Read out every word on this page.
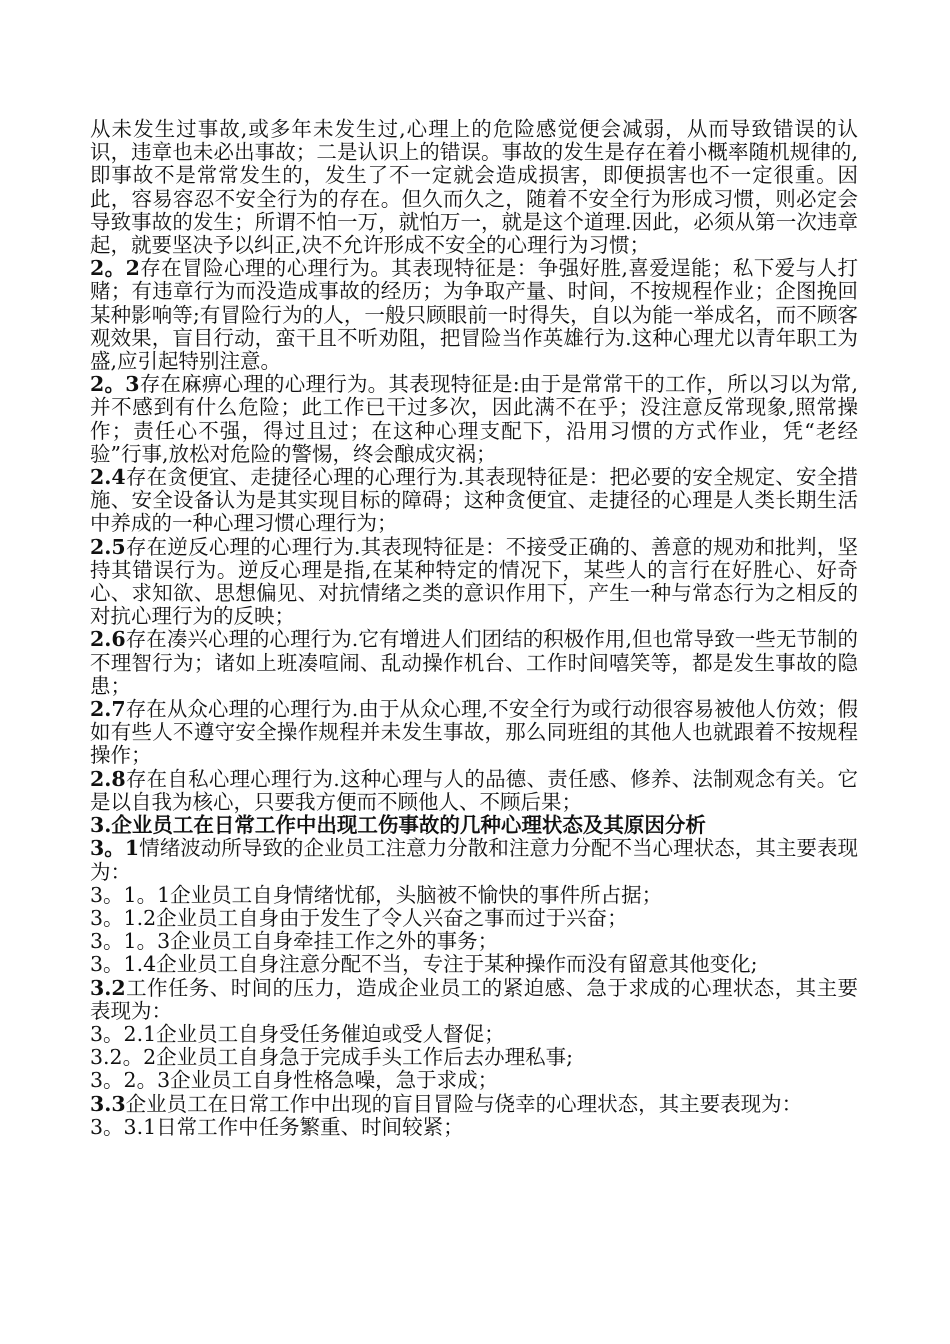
从未发生过事故,或多年未发生过,心理上的危险感觉便会减弱，从而导致错误的认识，违章也未必出事故；二是认识上的错误。事故的发生是存在着小概率随机规律的,即事故不是常常发生的，发生了不一定就会造成损害，即便损害也不一定很重。因此，容易容忍不安全行为的存在。但久而久之，随着不安全行为形成习惯，则必定会导致事故的发生；所谓不怕一万，就怕万一，就是这个道理.因此，必须从第一次违章起，就要坚决予以纠正,决不允许形成不安全的心理行为习惯；

2。2存在冒险心理的心理行为。其表现特征是：争强好胜,喜爱逞能；私下爱与人打赌；有违章行为而没造成事故的经历；为争取产量、时间，不按规程作业；企图挽回某种影响等;有冒险行为的人，一般只顾眼前一时得失，自以为能一举成名，而不顾客观效果，盲目行动，蛮干且不听劝阻，把冒险当作英雄行为.这种心理尤以青年职工为盛,应引起特别注意。

2。3存在麻痹心理的心理行为。其表现特征是:由于是常常干的工作，所以习以为常,并不感到有什么危险；此工作已干过多次，因此满不在乎；没注意反常现象,照常操作；责任心不强，得过且过；在这种心理支配下，沿用习惯的方式作业，凭“老经验”行事,放松对危险的警惕，终会酿成灾祸；

2.4存在贪便宜、走捷径心理的心理行为.其表现特征是：把必要的安全规定、安全措施、安全设备认为是其实现目标的障碍；这种贪便宜、走捷径的心理是人类长期生活中养成的一种心理习惯心理行为；

2.5存在逆反心理的心理行为.其表现特征是：不接受正确的、善意的规劝和批判，坚持其错误行为。逆反心理是指,在某种特定的情况下，某些人的言行在好胜心、好奇心、求知欲、思想偏见、对抗情绪之类的意识作用下，产生一种与常态行为之相反的对抗心理行为的反映；

2.6存在凑兴心理的心理行为.它有增进人们团结的积极作用,但也常导致一些无节制的不理智行为；诸如上班凑喧闹、乱动操作机台、工作时间嘻笑等，都是发生事故的隐患；

2.7存在从众心理的心理行为.由于从众心理,不安全行为或行动很容易被他人仿效；假如有些人不遵守安全操作规程并未发生事故，那么同班组的其他人也就跟着不按规程操作；

2.8存在自私心理心理行为.这种心理与人的品德、责任感、修养、法制观念有关。它是以自我为核心，只要我方便而不顾他人、不顾后果；

3.企业员工在日常工作中出现工伤事故的几种心理状态及其原因分析

3。1情绪波动所导致的企业员工注意力分散和注意力分配不当心理状态，其主要表现为：

3。1。1企业员工自身情绪忧郁，头脑被不愉快的事件所占据；

3。1.2企业员工自身由于发生了令人兴奋之事而过于兴奋；

3。1。3企业员工自身牵挂工作之外的事务；

3。1.4企业员工自身注意分配不当，专注于某种操作而没有留意其他变化;

3.2工作任务、时间的压力，造成企业员工的紧迫感、急于求成的心理状态，其主要表现为：

3。2.1企业员工自身受任务催迫或受人督促；

3.2。2企业员工自身急于完成手头工作后去办理私事;

3。2。3企业员工自身性格急噪，急于求成；

3.3企业员工在日常工作中出现的盲目冒险与侥幸的心理状态，其主要表现为：

3。3.1日常工作中任务繁重、时间较紧；
